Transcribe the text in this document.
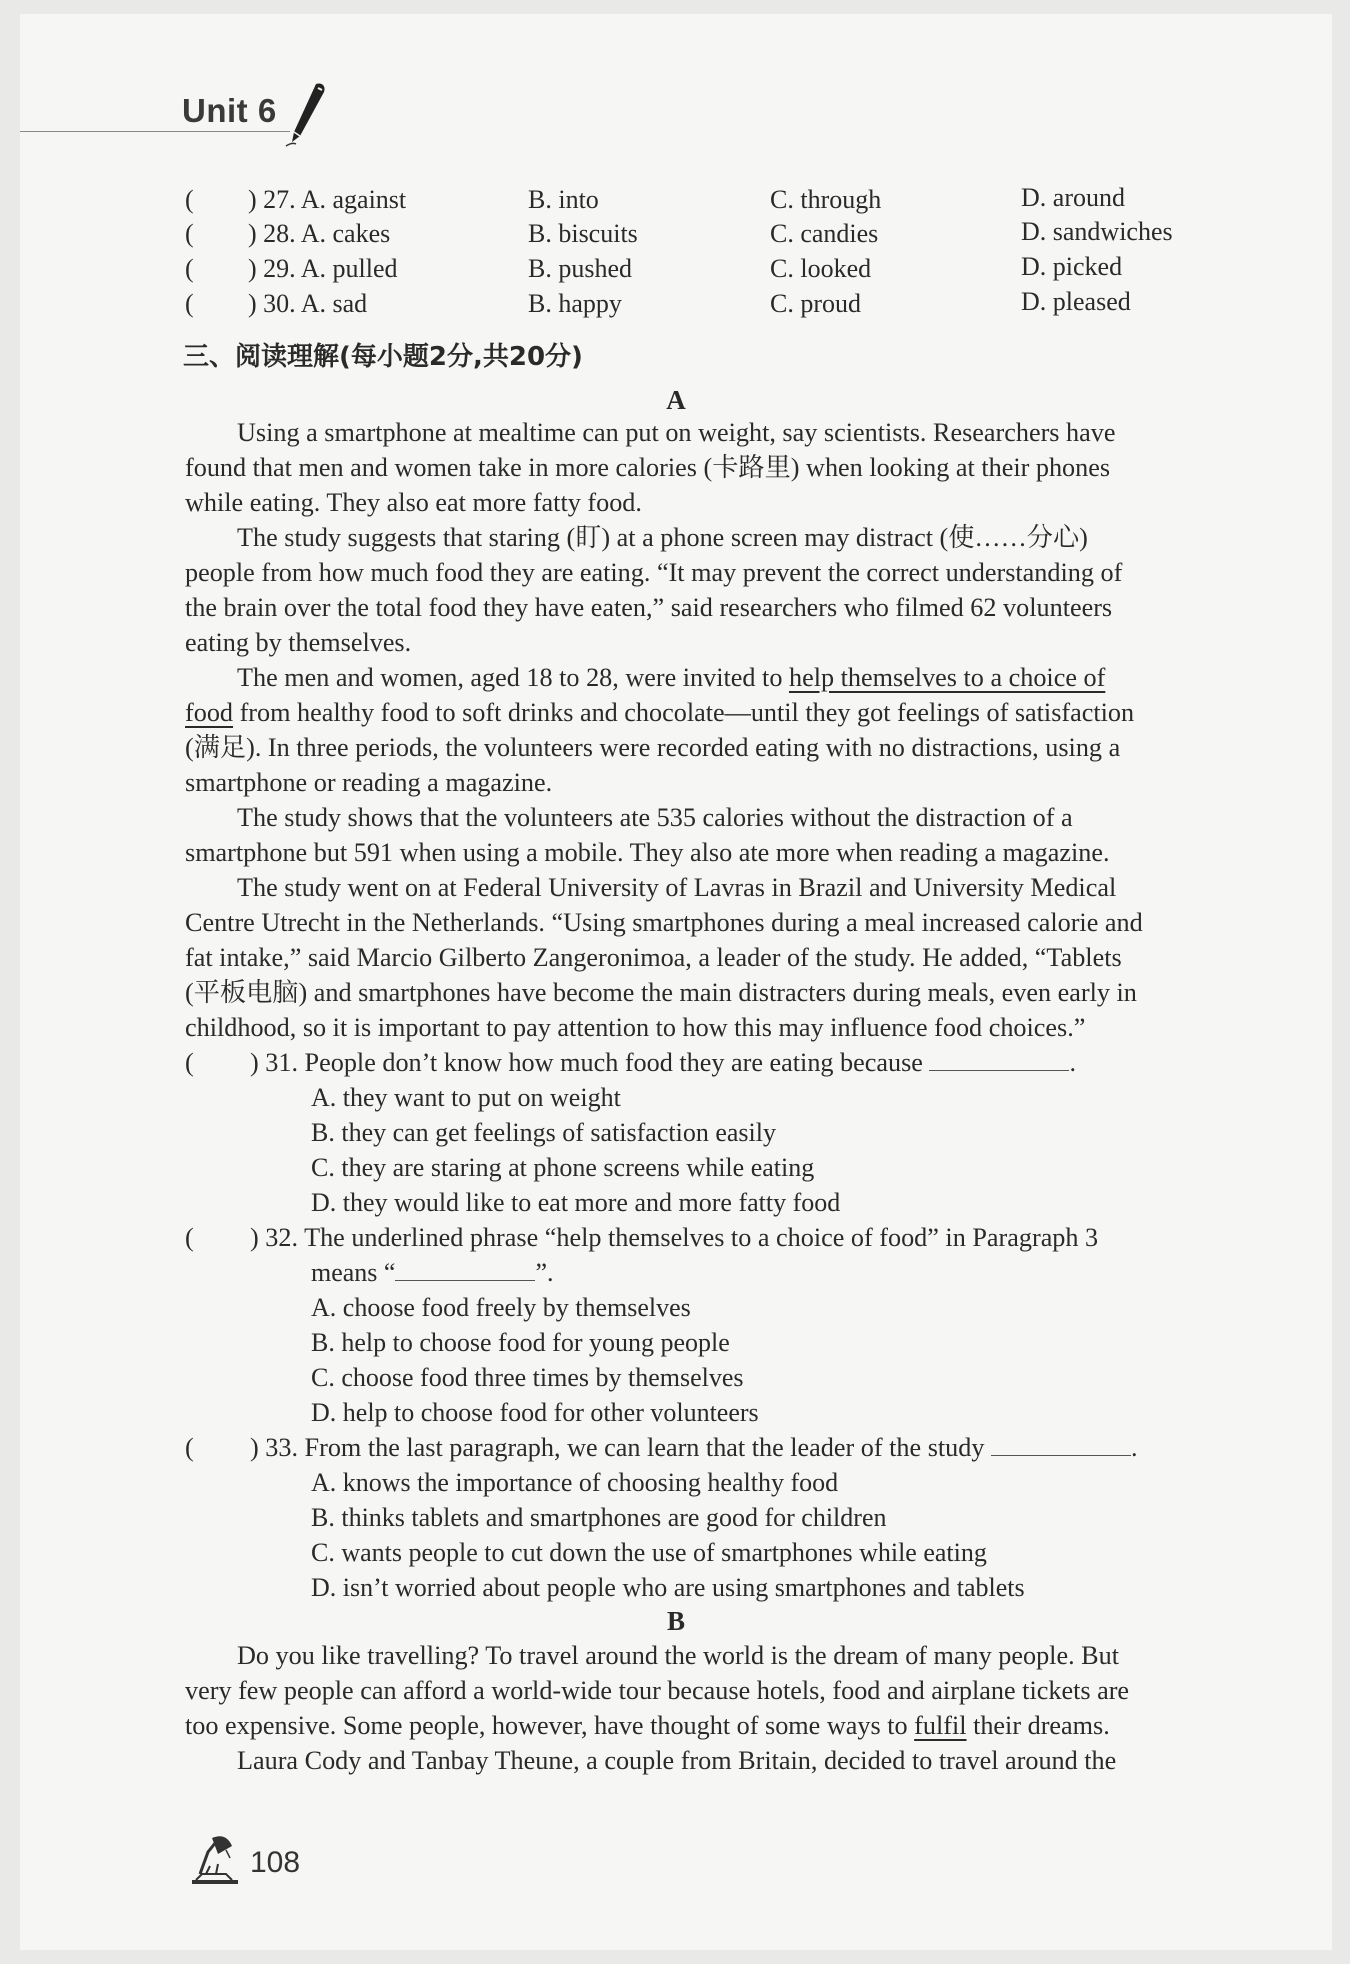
Unit 6
( ) 27. A. against	B. into	C. through	D. around
( ) 28. A. cakes	B. biscuits	C. candies	D. sandwiches
( ) 29. A. pulled	B. pushed	C. looked	D. picked
( ) 30. A. sad	B. happy	C. proud	D. pleased
三、阅读理解(每小题2分,共20分)
A
Using a smartphone at mealtime can put on weight, say scientists. Researchers have
found that men and women take in more calories (卡路里) when looking at their phones
while eating. They also eat more fatty food.
The study suggests that staring (盯) at a phone screen may distract (使……分心)
people from how much food they are eating. “It may prevent the correct understanding of
the brain over the total food they have eaten,” said researchers who filmed 62 volunteers
eating by themselves.
The men and women, aged 18 to 28, were invited to help themselves to a choice of
food from healthy food to soft drinks and chocolate—until they got feelings of satisfaction
(满足). In three periods, the volunteers were recorded eating with no distractions, using a
smartphone or reading a magazine.
The study shows that the volunteers ate 535 calories without the distraction of a
smartphone but 591 when using a mobile. They also ate more when reading a magazine.
The study went on at Federal University of Lavras in Brazil and University Medical
Centre Utrecht in the Netherlands. “Using smartphones during a meal increased calorie and
fat intake,” said Marcio Gilberto Zangeronimoa, a leader of the study. He added, “Tablets
(平板电脑) and smartphones have become the main distracters during meals, even early in
childhood, so it is important to pay attention to how this may influence food choices.”
( ) 31. People don’t know how much food they are eating because	.
A. they want to put on weight
B. they can get feelings of satisfaction easily
C. they are staring at phone screens while eating
D. they would like to eat more and more fatty food
( ) 32. The underlined phrase “help themselves to a choice of food” in Paragraph 3
means “	”.
A. choose food freely by themselves
B. help to choose food for young people
C. choose food three times by themselves
D. help to choose food for other volunteers
( ) 33. From the last paragraph, we can learn that the leader of the study	.
A. knows the importance of choosing healthy food
B. thinks tablets and smartphones are good for children
C. wants people to cut down the use of smartphones while eating
D. isn’t worried about people who are using smartphones and tablets
B
Do you like travelling? To travel around the world is the dream of many people. But
very few people can afford a world-wide tour because hotels, food and airplane tickets are
too expensive. Some people, however, have thought of some ways to fulfil their dreams.
Laura Cody and Tanbay Theune, a couple from Britain, decided to travel around the
108
